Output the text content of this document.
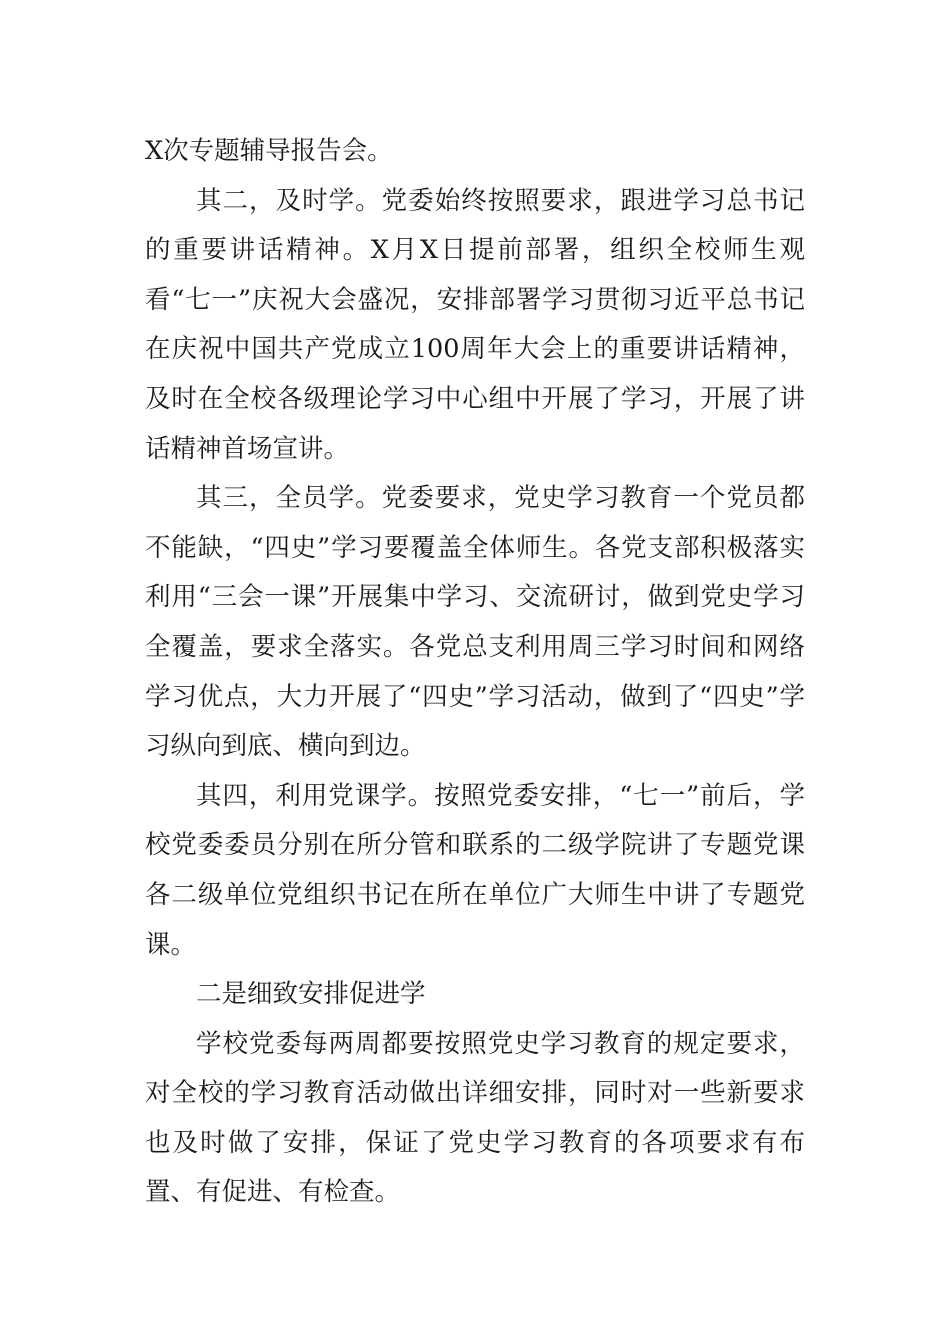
X次专题辅导报告会。

其二，及时学。党委始终按照要求，跟进学习总书记的重要讲话精神。X月X日提前部署，组织全校师生观看“七一”庆祝大会盛况，安排部署学习贯彻习近平总书记在庆祝中国共产党成立100周年大会上的重要讲话精神，及时在全校各级理论学习中心组中开展了学习，开展了讲话精神首场宣讲。

其三，全员学。党委要求，党史学习教育一个党员都不能缺，“四史”学习要覆盖全体师生。各党支部积极落实利用“三会一课”开展集中学习、交流研讨，做到党史学习全覆盖，要求全落实。各党总支利用周三学习时间和网络学习优点，大力开展了“四史”学习活动，做到了“四史”学习纵向到底、横向到边。

其四，利用党课学。按照党委安排，“七一”前后，学校党委委员分别在所分管和联系的二级学院讲了专题党课各二级单位党组织书记在所在单位广大师生中讲了专题党课。

二是细致安排促进学

学校党委每两周都要按照党史学习教育的规定要求，对全校的学习教育活动做出详细安排，同时对一些新要求也及时做了安排，保证了党史学习教育的各项要求有布置、有促进、有检查。
